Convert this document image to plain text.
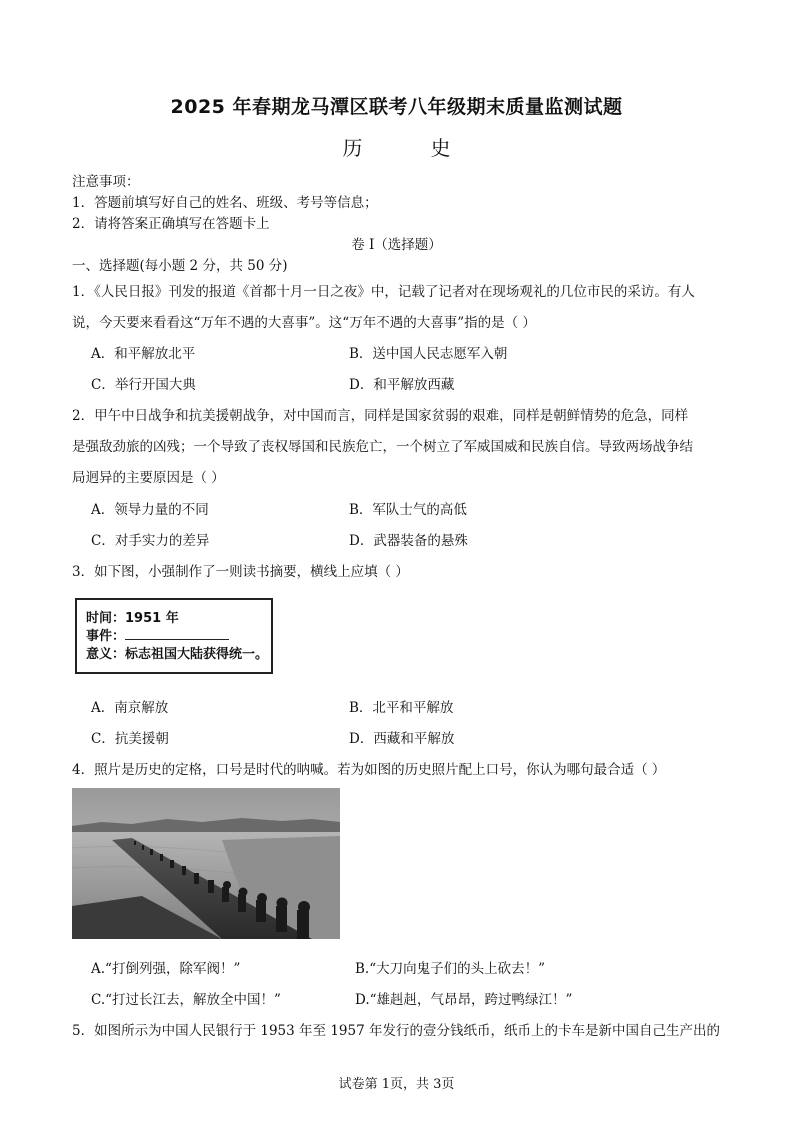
2025 年春期龙马潭区联考八年级期末质量监测试题
历	史
注意事项：
1．答题前填写好自己的姓名、班级、考号等信息；
2．请将答案正确填写在答题卡上
卷 I（选择题）
一、选择题(每小题 2 分，共 50 分)
1．《人民日报》刊发的报道《首都十月一日之夜》中，记载了记者对在现场观礼的几位市民的采访。有人
说，今天要来看看这“万年不遇的大喜事”。这“万年不遇的大喜事”指的是（ ）
A．和平解放北平	B．送中国人民志愿军入朝
C．举行开国大典	D．和平解放西藏
2．甲午中日战争和抗美援朝战争，对中国而言，同样是国家贫弱的艰难，同样是朝鲜情势的危急，同样
是强敌劲旅的凶残；一个导致了丧权辱国和民族危亡，一个树立了军威国威和民族自信。导致两场战争结
局迥异的主要原因是（ ）
A．领导力量的不同	B．军队士气的高低
C．对手实力的差异	D．武器装备的悬殊
3．如下图，小强制作了一则读书摘要，横线上应填（ ）
时间：1951 年
事件：
意义：标志祖国大陆获得统一。
A．南京解放	B．北平和平解放
C．抗美援朝	D．西藏和平解放
4．照片是历史的定格，口号是时代的呐喊。若为如图的历史照片配上口号，你认为哪句最合适（ ）
A.“打倒列强，除军阀！”	B.“大刀向鬼子们的头上砍去！”
C.“打过长江去，解放全中国！”	D.“雄赳赳，气昂昂，跨过鸭绿江！”
5．如图所示为中国人民银行于 1953 年至 1957 年发行的壹分钱纸币，纸币上的卡车是新中国自己生产出的
试卷第 1页，共 3页
